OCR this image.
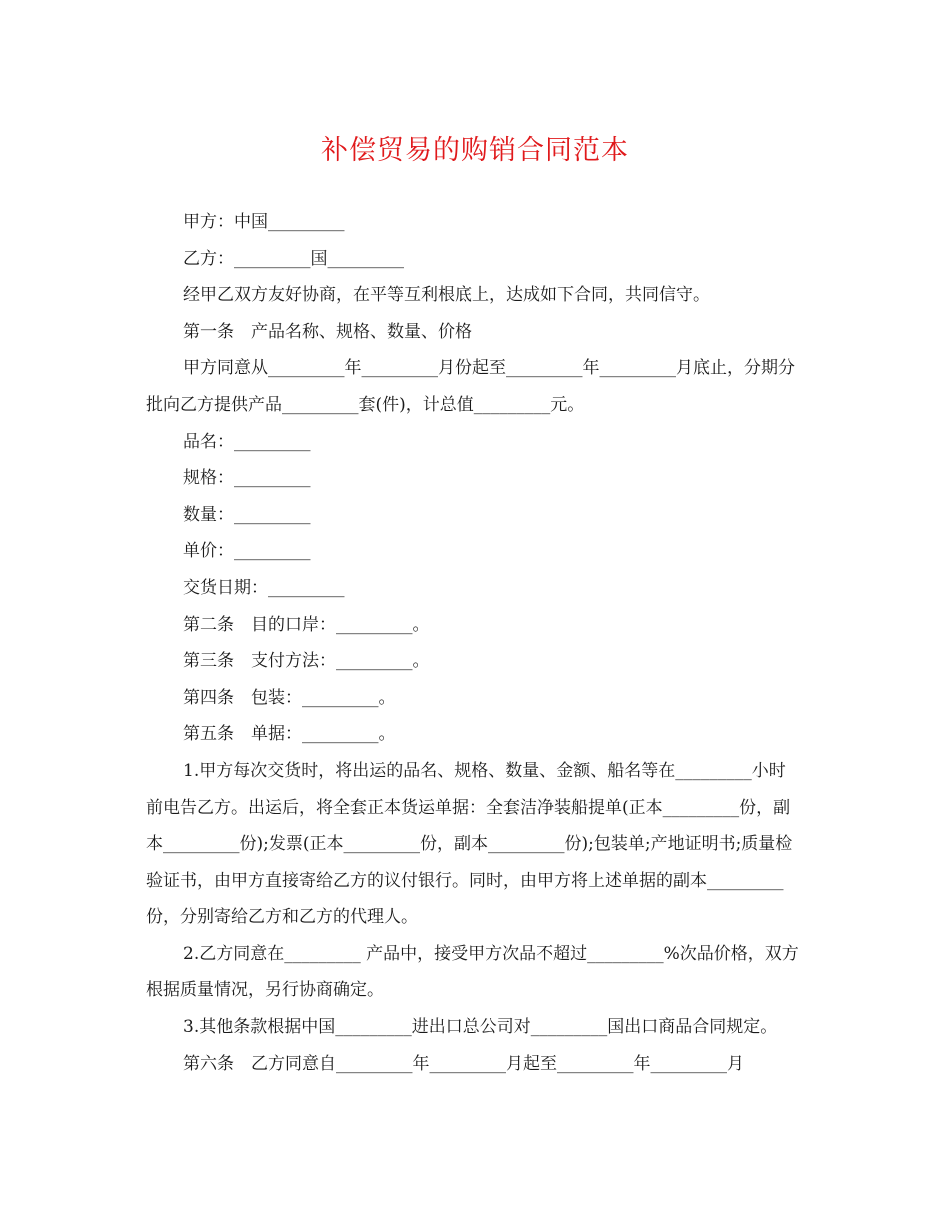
补偿贸易的购销合同范本

甲方：中国_________

乙方：_________国_________

经甲乙双方友好协商，在平等互利根底上，达成如下合同，共同信守。

第一条　产品名称、规格、数量、价格

甲方同意从_________年_________月份起至_________年_________月底止，分期分批向乙方提供产品_________套(件)，计总值_________元。

品名：_________

规格：_________

数量：_________

单价：_________

交货日期：_________

第二条　目的口岸：_________。

第三条　支付方法：_________。

第四条　包装：_________。

第五条　单据：_________。

1.甲方每次交货时，将出运的品名、规格、数量、金额、船名等在_________小时前电告乙方。出运后，将全套正本货运单据：全套洁净装船提单(正本_________份，副本_________份);发票(正本_________份，副本_________份);包装单;产地证明书;质量检验证书，由甲方直接寄给乙方的议付银行。同时，由甲方将上述单据的副本_________份，分别寄给乙方和乙方的代理人。

2.乙方同意在_________ 产品中，接受甲方次品不超过_________%次品价格，双方根据质量情况，另行协商确定。

3.其他条款根据中国_________进出口总公司对_________国出口商品合同规定。

第六条　乙方同意自_________年_________月起至_________年_________月
